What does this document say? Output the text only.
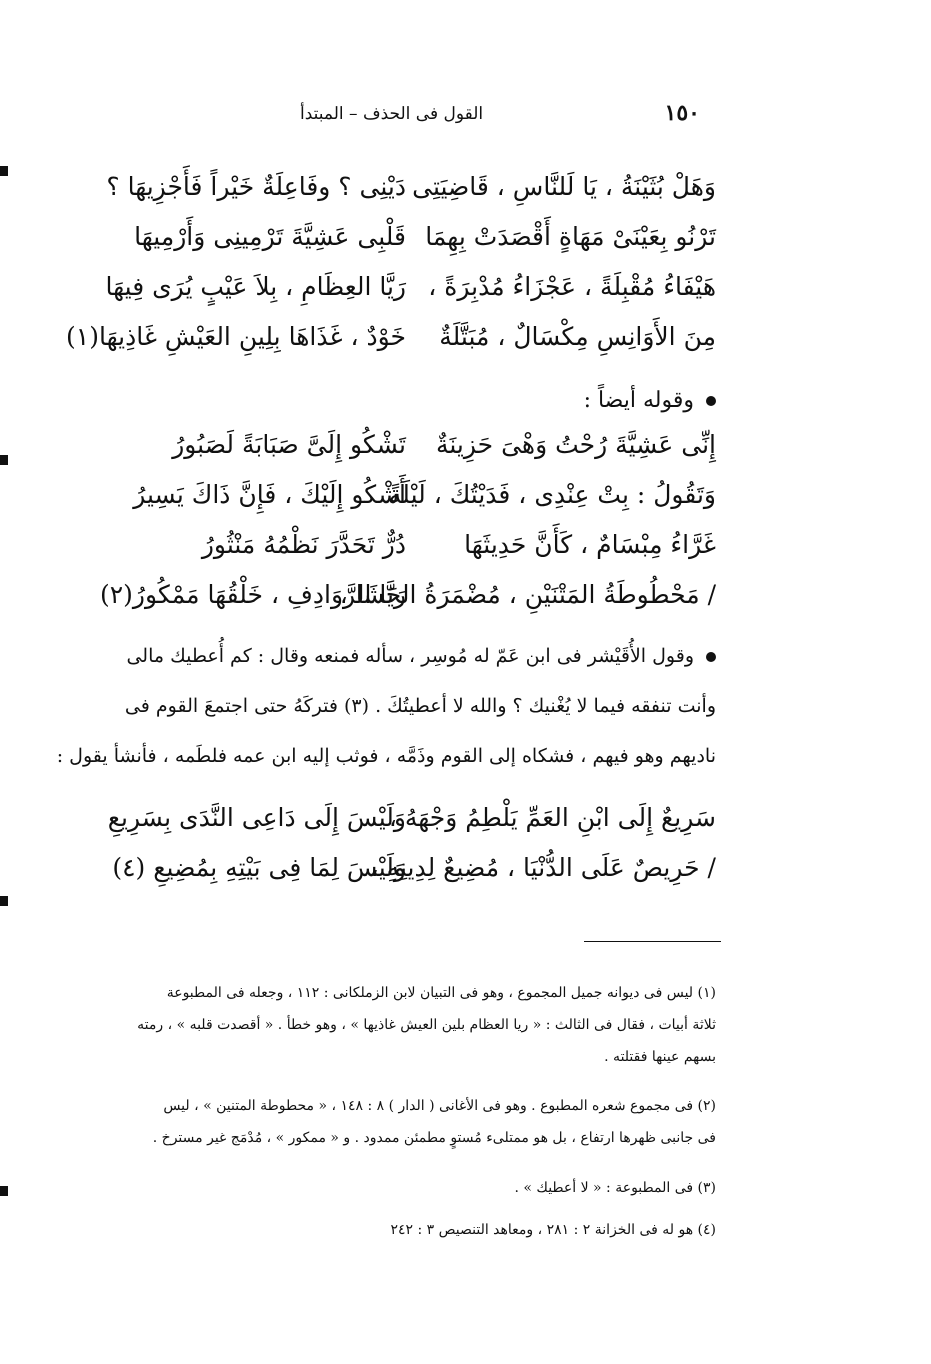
١٥٠
القول فى الحذف – المبتدأ
وَهَلْ بُثَيْنَةُ ، يَا لَلنَّاسِ ، قَاضِيَتِى
دَيْنِى ؟ وفَاعِلَةٌ خَيْراً فَأَجْزِيهَا ؟
تَرْنُو بِعَيْنَىْ مَهَاةٍ أَقْصَدَتْ بِهِمَا
قَلْبِى عَشِيَّةَ تَرْمِينِى وَأَرْمِيهَا
هَيْفَاءُ مُقْبِلَةً ، عَجْزَاءُ مُدْبِرَةً ،
رَيَّا العِظَامِ ، بِلاَ عَيْبٍ يُرَى فِيهَا
مِنَ الأَوَانِسِ مِكْسَالٌ ، مُبَتَّلَةٌ
خَوْدٌ ، غَذَاهَا بِلِينِ العَيْشِ غَاذِيهَا(١)
وقوله أيضاً :
إِنِّى عَشِيَّةَ رُحْتُ وَهْىَ حَزِينَةٌ
تَشْكُو إِلَىَّ صَبَابَةً لَصَبُورُ
وَتَقُولُ : بِتْ عِنْدِى ، فَدَيْتُكَ ، لَيْلَةً
أَشْكُو إِلَيْكَ ، فَإِنَّ ذَاكَ يَسِيرُ
غَرَّاءُ مِبْسَامٌ ، كَأَنَّ حَدِيثَهَا
دُرٌّ تَحَدَّرَ نَظْمُهُ مَنْثُورُ
/ مَحْطُوطَةُ المَتْنَيْنِ ، مُضْمَرَةُ الحَشَا ،
رَيَّا الرَّوَادِفِ ، خَلْقُهَا مَمْكُورُ(٢)
وقول الأُقَيْشر فى ابن عَمّ له مُوسِر ، سأله فمنعه وقال : كم أُعطيك مالى
وأنت تنفقه فيما لا يُغْنيك ؟ والله لا أعطيتُكَ . (٣) فتركَهُ حتى اجتمعَ القوم فى
ناديهم وهو فيهم ، فشكاه إلى القوم وذَمَّه ، فوثب إليه ابن عمه فلطَمه ، فأنشأ يقول :
سَرِيعٌ إِلَى ابْنِ العَمِّ يَلْطِمُ وَجْهَهُ ،
وَلَيْسَ إِلَى دَاعِى النَّدَى بِسَرِيعِ
/ حَرِيصٌ عَلَى الدُّنْيَا ، مُضِيعٌ لِدِينِهِ ،
وَلَيْسَ لِمَا فِى بَيْتِهِ بِمُضِيعِ (٤)
(١) ليس فى ديوانه جميل المجموع ، وهو فى التبيان لابن الزملكانى : ١١٢ ، وجعله فى المطبوعة
ثلاثة أبيات ، فقال فى الثالث : « ريا العظام بلين العيش غاذيها » ، وهو خطأ . « أقصدت قلبه » ، رمته
بسهم عينها فقتلته .
(٢) فى مجموع شعره المطبوع . وهو فى الأغانى ( الدار ) ٨ : ١٤٨ ، « محطوطة المتنين » ، ليس
فى جانبى ظهرها ارتفاع ، بل هو ممتلىء مُستوٍ مطمئن ممدود . و « ممكور » ، مُدْمَج غير مسترخ .
(٣) فى المطبوعة : « لا أعطيك » .
(٤) هو له فى الخزانة ٢ : ٢٨١ ، ومعاهد التنصيص ٣ : ٢٤٢
